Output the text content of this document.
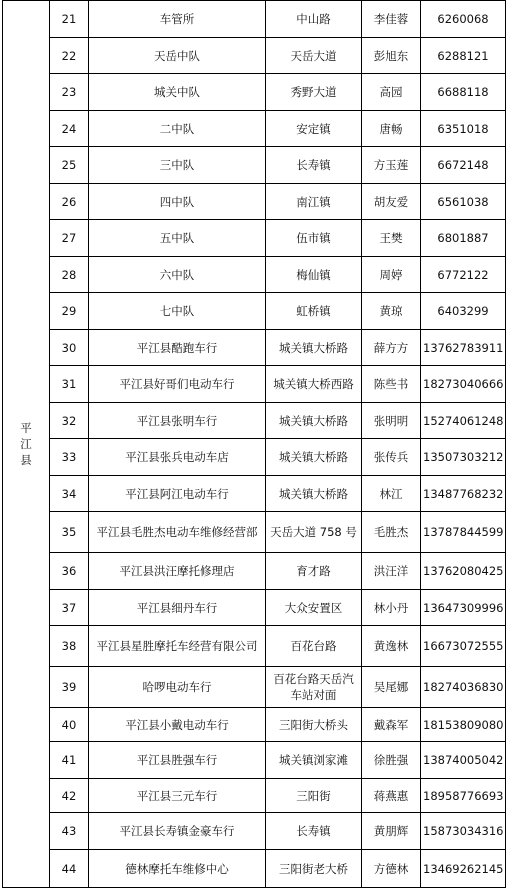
平
江
县	21	车管所	中山路	李佳蓉	6260068
	22	天岳中队	天岳大道	彭旭东	6288121
	23	城关中队	秀野大道	高园	6688118
	24	二中队	安定镇	唐畅	6351018
	25	三中队	长寿镇	方玉莲	6672148
	26	四中队	南江镇	胡友爱	6561038
	27	五中队	伍市镇	王樊	6801887
	28	六中队	梅仙镇	周婷	6772122
	29	七中队	虹桥镇	黄琼	6403299
	30	平江县酷跑车行	城关镇大桥路	薛方方	13762783911
	31	平江县好哥们电动车行	城关镇大桥西路	陈些书	18273040666
	32	平江县张明车行	城关镇大桥路	张明明	15274061248
	33	平江县张兵电动车店	城关镇大桥路	张传兵	13507303212
	34	平江县阿江电动车行	城关镇大桥路	林江	13487768232
	35	平江县毛胜杰电动车维修经营部	天岳大道 758 号	毛胜杰	13787844599
	36	平江县洪汪摩托修理店	育才路	洪汪洋	13762080425
	37	平江县细丹车行	大众安置区	林小丹	13647309996
	38	平江县星胜摩托车经营有限公司	百花台路	黄逸林	16673072555
	39	哈啰电动车行	百花台路天岳汽车站对面	吴尾娜	18274036830
	40	平江县小戴电动车行	三阳街大桥头	戴森军	18153809080
	41	平江县胜强车行	城关镇浏家滩	徐胜强	13874005042
	42	平江县三元车行	三阳街	蒋燕惠	18958776693
	43	平江县长寿镇金豪车行	长寿镇	黄朋辉	15873034316
	44	德林摩托车维修中心	三阳街老大桥	方德林	13469262145
